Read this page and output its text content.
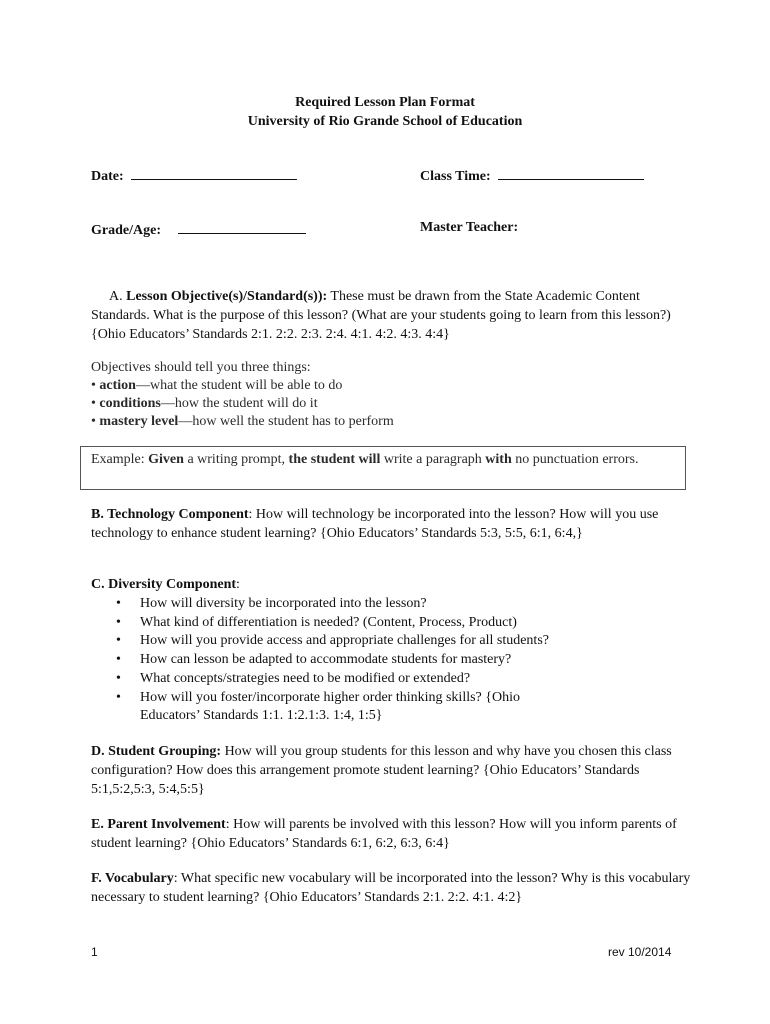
Required Lesson Plan Format
University of Rio Grande School of Education
Date:	Class Time:
Grade/Age:	Master Teacher:
A. Lesson Objective(s)/Standard(s)): These must be drawn from the State Academic Content Standards. What is the purpose of this lesson? (What are your students going to learn from this lesson?) {Ohio Educators’ Standards 2:1. 2:2. 2:3. 2:4. 4:1. 4:2. 4:3. 4:4}
Objectives should tell you three things:
• action—what the student will be able to do
• conditions—how the student will do it
• mastery level—how well the student has to perform
Example: Given a writing prompt, the student will write a paragraph with no punctuation errors.
B. Technology Component: How will technology be incorporated into the lesson? How will you use technology to enhance student learning? {Ohio Educators’ Standards 5:3, 5:5, 6:1, 6:4,}
C. Diversity Component:
• How will diversity be incorporated into the lesson?
• What kind of differentiation is needed? (Content, Process, Product)
• How will you provide access and appropriate challenges for all students?
• How can lesson be adapted to accommodate students for mastery?
• What concepts/strategies need to be modified or extended?
• How will you foster/incorporate higher order thinking skills? {Ohio Educators’ Standards 1:1. 1:2.1:3. 1:4, 1:5}
D. Student Grouping: How will you group students for this lesson and why have you chosen this class configuration? How does this arrangement promote student learning? {Ohio Educators’ Standards 5:1,5:2,5:3, 5:4,5:5}
E. Parent Involvement: How will parents be involved with this lesson? How will you inform parents of student learning? {Ohio Educators’ Standards 6:1, 6:2, 6:3, 6:4}
F. Vocabulary: What specific new vocabulary will be incorporated into the lesson? Why is this vocabulary necessary to student learning? {Ohio Educators’ Standards 2:1. 2:2. 4:1. 4:2}
1	rev 10/2014
